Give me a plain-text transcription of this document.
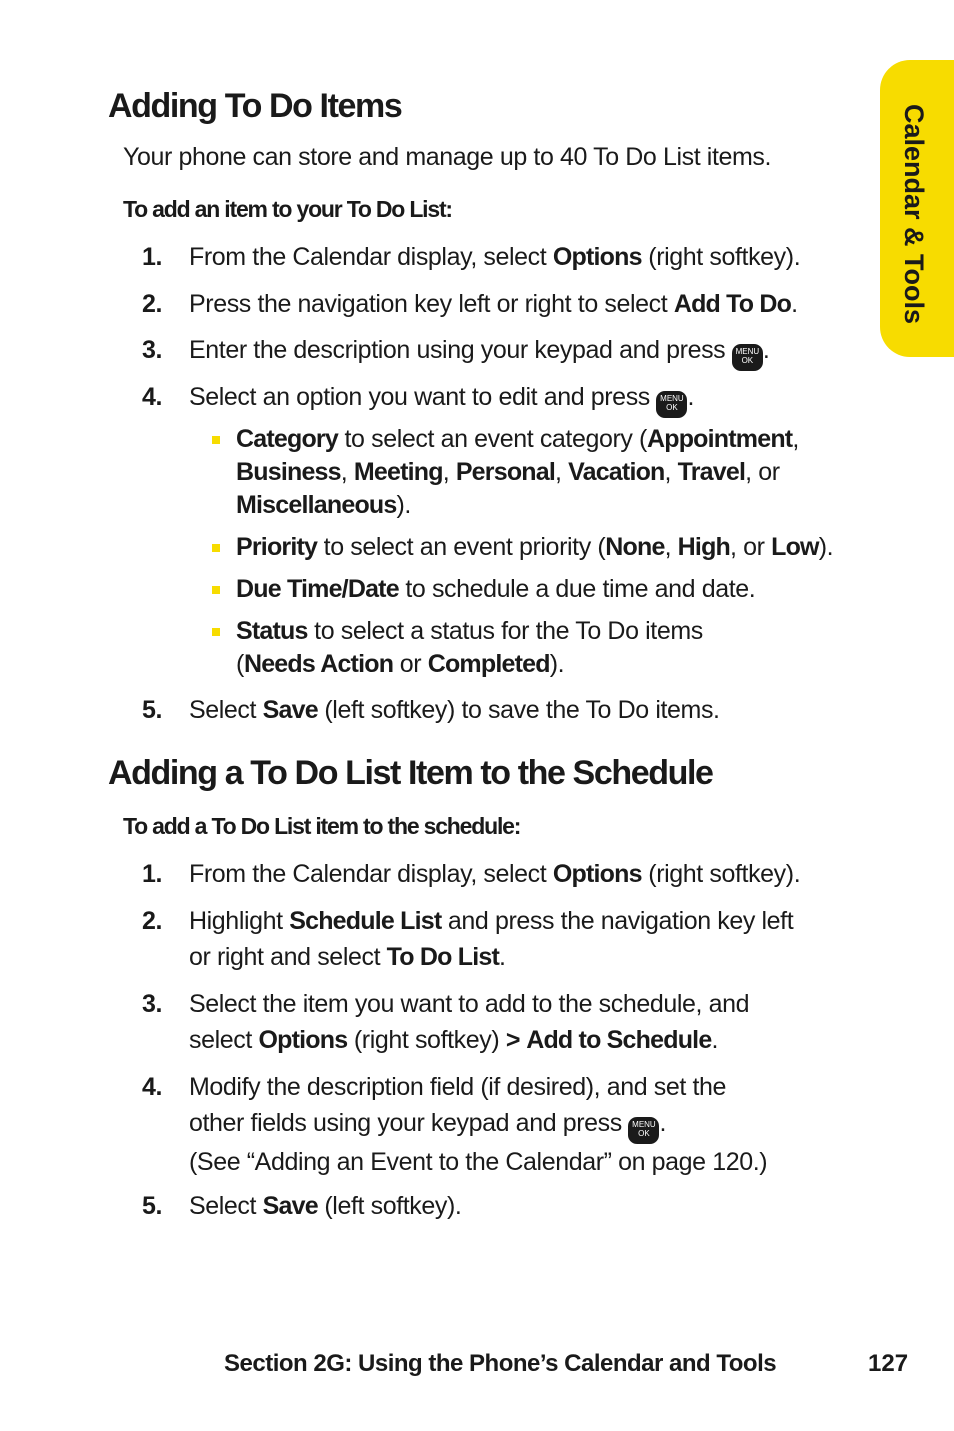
Calendar & Tools
Adding To Do Items

Your phone can store and manage up to 40 To Do List items.

To add an item to your To Do List:

1.	From the Calendar display, select Options (right softkey).
2.	Press the navigation key left or right to select Add To Do.
3.	Enter the description using your keypad and press MENU
OK .
4.	Select an option you want to edit and press MENU
OK .
Category to select an event category (Appointment,
Business, Meeting, Personal, Vacation, Travel, or
Miscellaneous).
Priority to select an event priority (None, High, or Low).
Due Time/Date to schedule a due time and date.
Status to select a status for the To Do items
(Needs Action or Completed).
5.	Select Save (left softkey) to save the To Do items.
Adding a To Do List Item to the Schedule

To add a To Do List item to the schedule:

1.	From the Calendar display, select Options (right softkey).
2.	Highlight Schedule List and press the navigation key left
or right and select To Do List.
3.	Select the item you want to add to the schedule, and
select Options (right softkey) > Add to Schedule.
4.	Modify the description field (if desired), and set the
other fields using your keypad and press MENU
OK .
(See “Adding an Event to the Calendar” on page 120.)
5.	Select Save (left softkey).
Section 2G: Using the Phone’s Calendar and Tools	127
